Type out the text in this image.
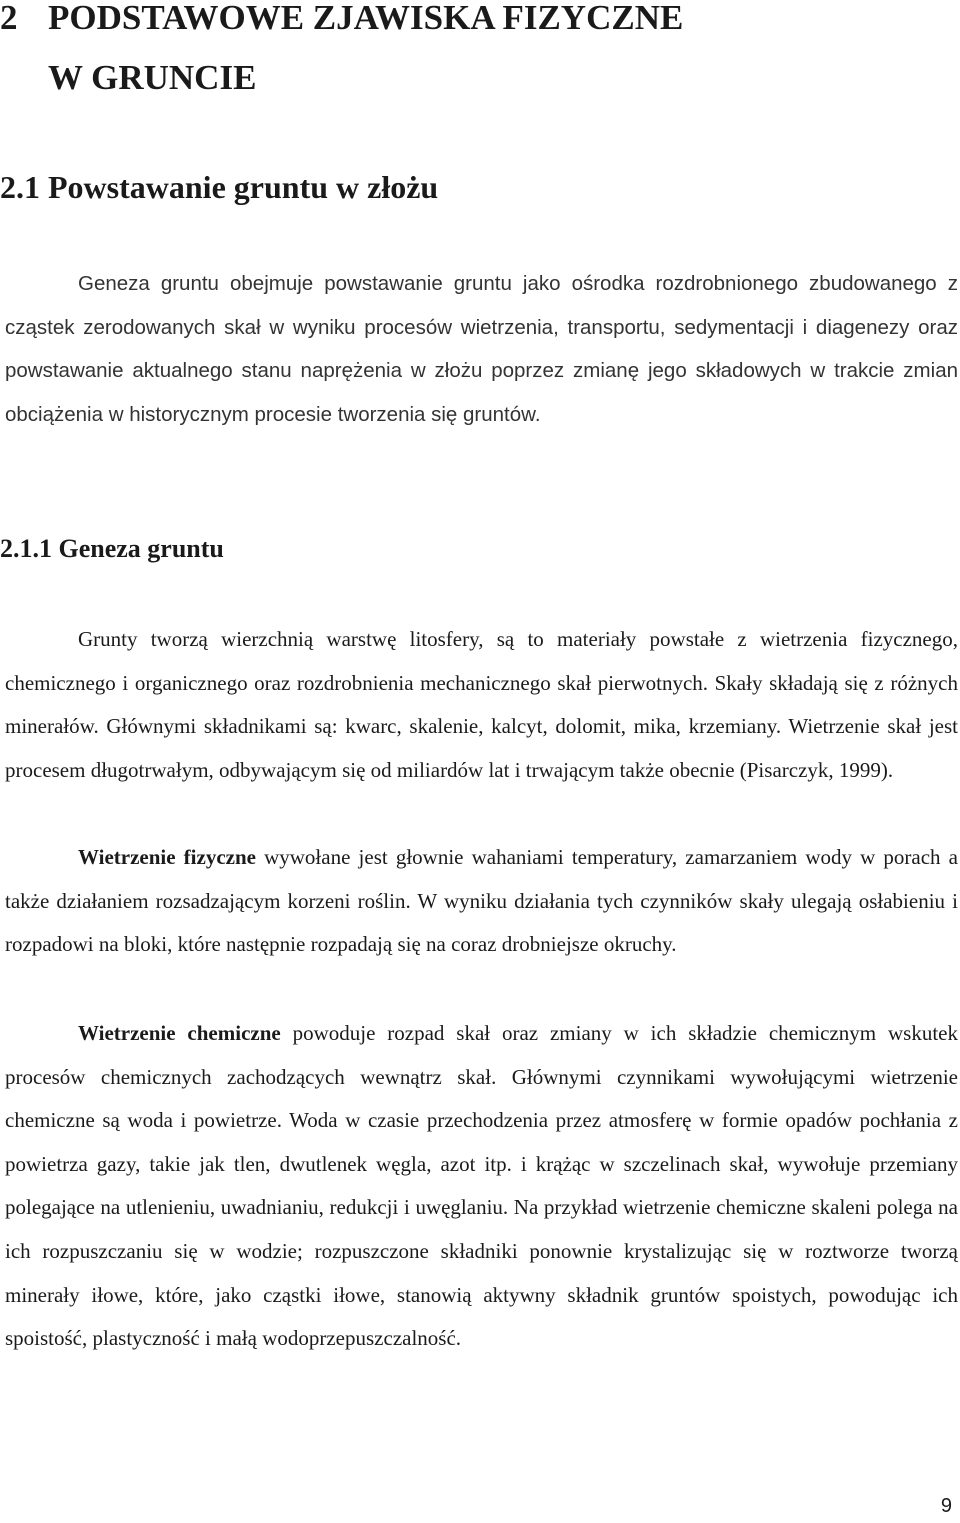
2 PODSTAWOWE ZJAWISKA FIZYCZNE
W GRUNCIE
2.1 Powstawanie gruntu w złożu

Geneza gruntu obejmuje powstawanie gruntu jako ośrodka rozdrobnionego zbudowanego z cząstek zerodowanych skał w wyniku procesów wietrzenia, transportu, sedymentacji i diagenezy oraz powstawanie aktualnego stanu naprężenia w złożu poprzez zmianę jego składowych w trakcie zmian obciążenia w historycznym procesie tworzenia się gruntów.

2.1.1 Geneza gruntu

Grunty tworzą wierzchnią warstwę litosfery, są to materiały powstałe z wietrzenia fizycznego, chemicznego i organicznego oraz rozdrobnienia mechanicznego skał pierwotnych. Skały składają się z różnych minerałów. Głównymi składnikami są: kwarc, skalenie, kalcyt, dolomit, mika, krzemiany. Wietrzenie skał jest procesem długotrwałym, odbywającym się od miliardów lat i trwającym także obecnie (Pisarczyk, 1999).

Wietrzenie fizyczne wywołane jest głownie wahaniami temperatury, zamarzaniem wody w porach a także działaniem rozsadzającym korzeni roślin. W wyniku działania tych czynników skały ulegają osłabieniu i rozpadowi na bloki, które następnie rozpadają się na coraz drobniejsze okruchy.

Wietrzenie chemiczne powoduje rozpad skał oraz zmiany w ich składzie chemicznym wskutek procesów chemicznych zachodzących wewnątrz skał. Głównymi czynnikami wywołującymi wietrzenie chemiczne są woda i powietrze. Woda w czasie przechodzenia przez atmosferę w formie opadów pochłania z powietrza gazy, takie jak tlen, dwutlenek węgla, azot itp. i krążąc w szczelinach skał, wywołuje przemiany polegające na utlenieniu, uwadnianiu, redukcji i uwęglaniu. Na przykład wietrzenie chemiczne skaleni polega na ich rozpuszczaniu się w wodzie; rozpuszczone składniki ponownie krystalizując się w roztworze tworzą minerały iłowe, które, jako cząstki iłowe, stanowią aktywny składnik gruntów spoistych, powodując ich spoistość, plastyczność i małą wodoprzepuszczalność.

9
